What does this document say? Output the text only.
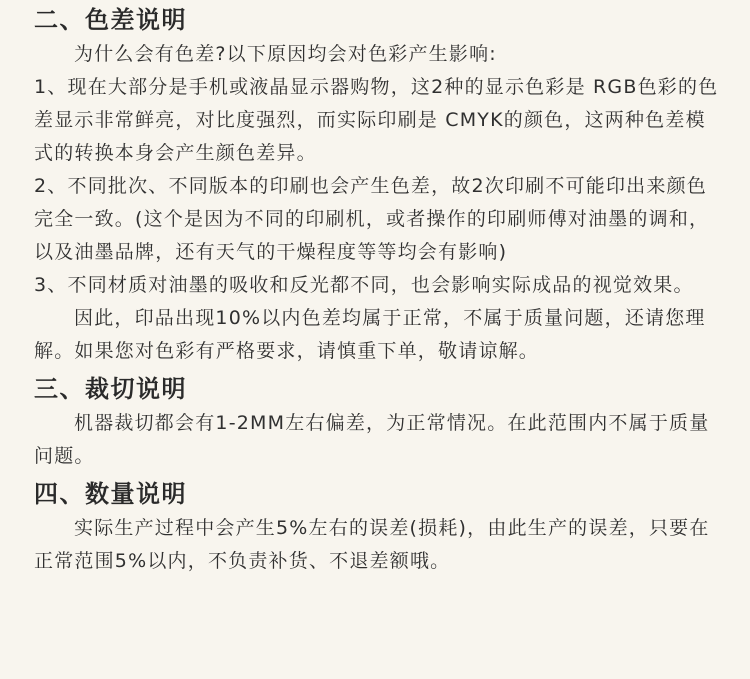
二、色差说明

为什么会有色差?以下原因均会对色彩产生影响:

1、现在大部分是手机或液晶显示器购物，这2种的显示色彩是 RGB色彩的色差显示非常鲜亮，对比度强烈，而实际印刷是 CMYK的颜色，这两种色差模式的转换本身会产生颜色差异。

2、不同批次、不同版本的印刷也会产生色差，故2次印刷不可能印出来颜色完全一致。(这个是因为不同的印刷机，或者操作的印刷师傅对油墨的调和，以及油墨品牌，还有天气的干燥程度等等均会有影响)

3、不同材质对油墨的吸收和反光都不同，也会影响实际成品的视觉效果。

因此，印品出现10%以内色差均属于正常，不属于质量问题，还请您理解。如果您对色彩有严格要求，请慎重下单，敬请谅解。

三、裁切说明

机器裁切都会有1-2MM左右偏差，为正常情况。在此范围内不属于质量问题。

四、数量说明

实际生产过程中会产生5%左右的误差(损耗)，由此生产的误差，只要在正常范围5%以内，不负责补货、不退差额哦。
